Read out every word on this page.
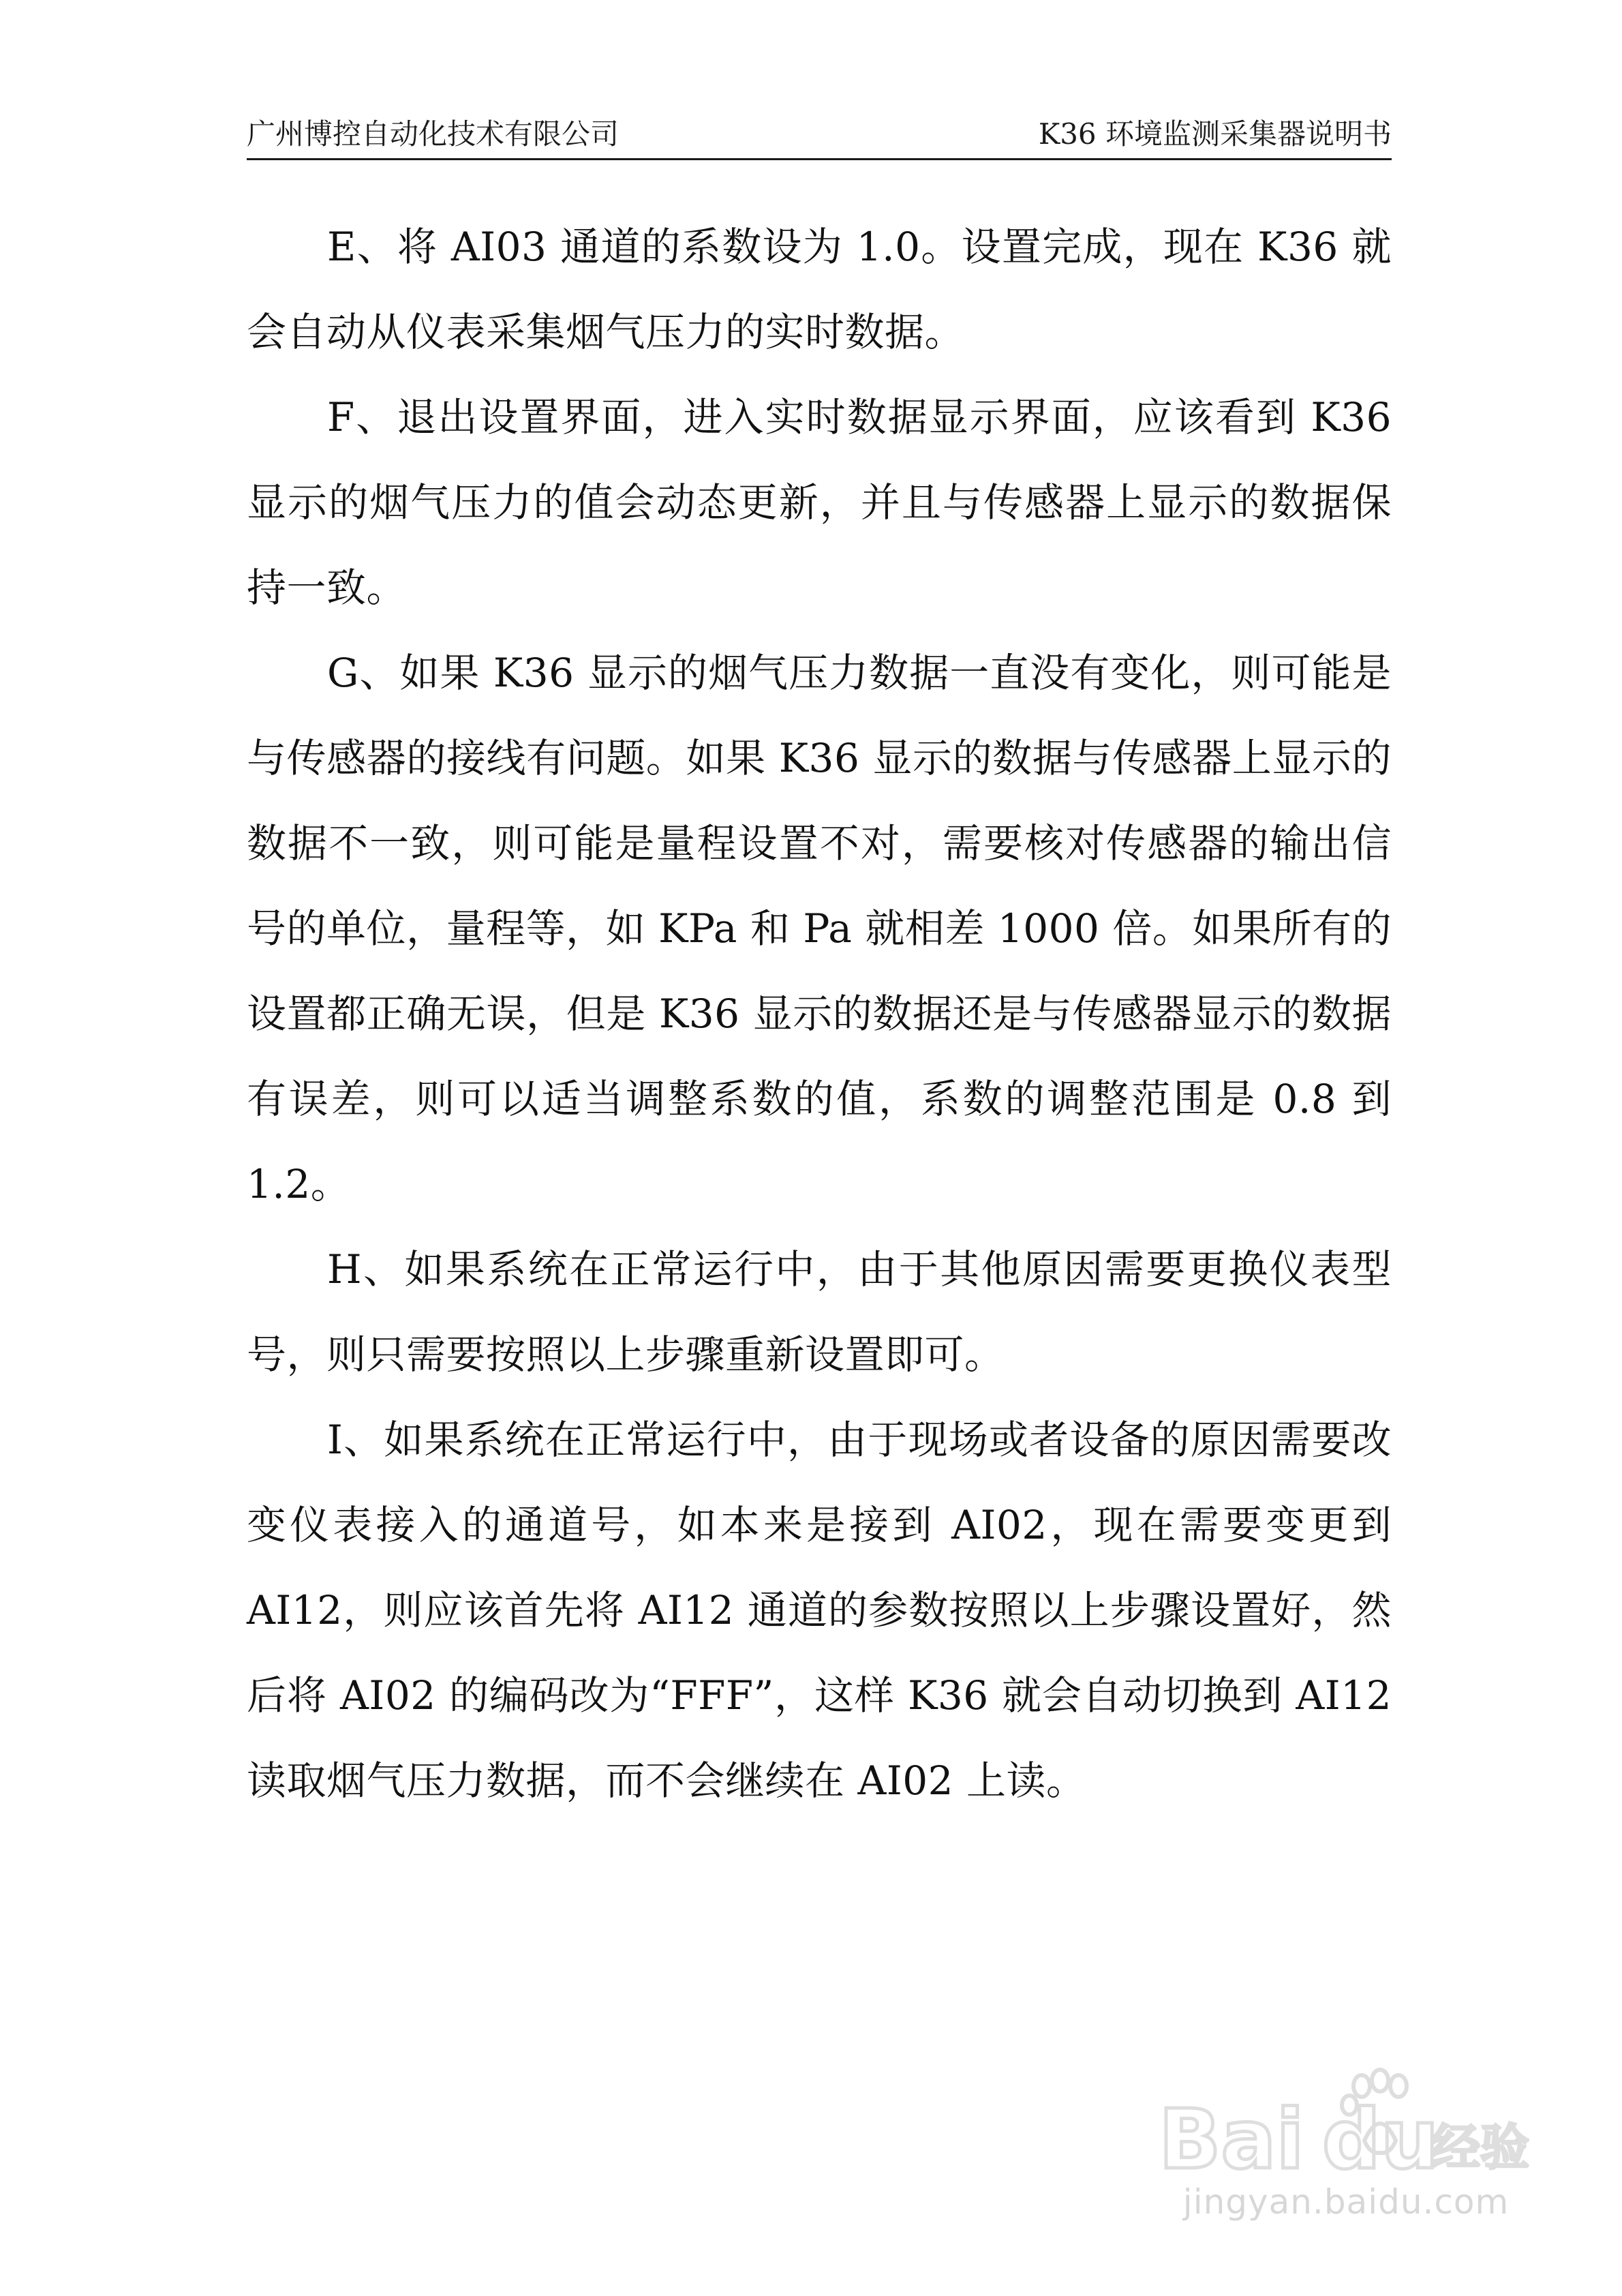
广州博控自动化技术有限公司	K36 环境监测采集器说明书

E、将 AI03 通道的系数设为 1.0。设置完成，现在 K36 就会自动从仪表采集烟气压力的实时数据。

F、退出设置界面，进入实时数据显示界面，应该看到 K36 显示的烟气压力的值会动态更新，并且与传感器上显示的数据保持一致。

G、如果 K36 显示的烟气压力数据一直没有变化，则可能是与传感器的接线有问题。如果 K36 显示的数据与传感器上显示的数据不一致，则可能是量程设置不对，需要核对传感器的输出信号的单位，量程等，如 KPa 和 Pa 就相差 1000 倍。如果所有的设置都正确无误，但是 K36 显示的数据还是与传感器显示的数据有误差，则可以适当调整系数的值，系数的调整范围是 0.8 到 1.2。

H、如果系统在正常运行中，由于其他原因需要更换仪表型号，则只需要按照以上步骤重新设置即可。

I、如果系统在正常运行中，由于现场或者设备的原因需要改变仪表接入的通道号，如本来是接到 AI02，现在需要变更到 AI12，则应该首先将 AI12 通道的参数按照以上步骤设置好，然后将 AI02 的编码改为“FFF”，这样 K36 就会自动切换到 AI12 读取烟气压力数据，而不会继续在 AI02 上读。

Bai du
经验
jingyan.baidu.com
